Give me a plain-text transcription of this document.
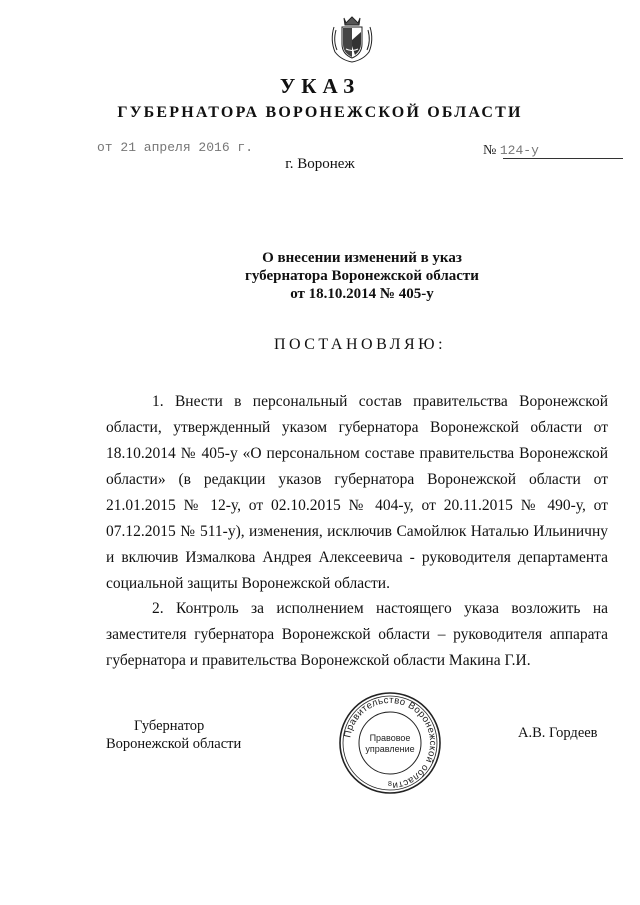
УКАЗ
ГУБЕРНАТОРА ВОРОНЕЖСКОЙ ОБЛАСТИ
от 21 апреля 2016 г.	№ 124-у
г. Воронеж
О внесении изменений в указ
губернатора Воронежской области
от 18.10.2014 № 405-у
ПОСТАНОВЛЯЮ:
1. Внести в персональный состав правительства Воронежской области, утвержденный указом губернатора Воронежской области от 18.10.2014 № 405-у «О персональном составе правительства Воронежской области» (в редакции указов губернатора Воронежской области от 21.01.2015 № 12-у, от 02.10.2015 № 404-у, от 20.11.2015 № 490-у, от 07.12.2015 № 511-у), изменения, исключив Самойлюк Наталью Ильиничну и включив Измалкова Андрея Алексеевича - руководителя департамента социальной защиты Воронежской области.
2. Контроль за исполнением настоящего указа возложить на заместителя губернатора Воронежской области – руководителя аппарата губернатора и правительства Воронежской области Макина Г.И.
Губернатор
Воронежской области
Правительство Воронежской области
Правовое
управление
8
А.В. Гордеев
